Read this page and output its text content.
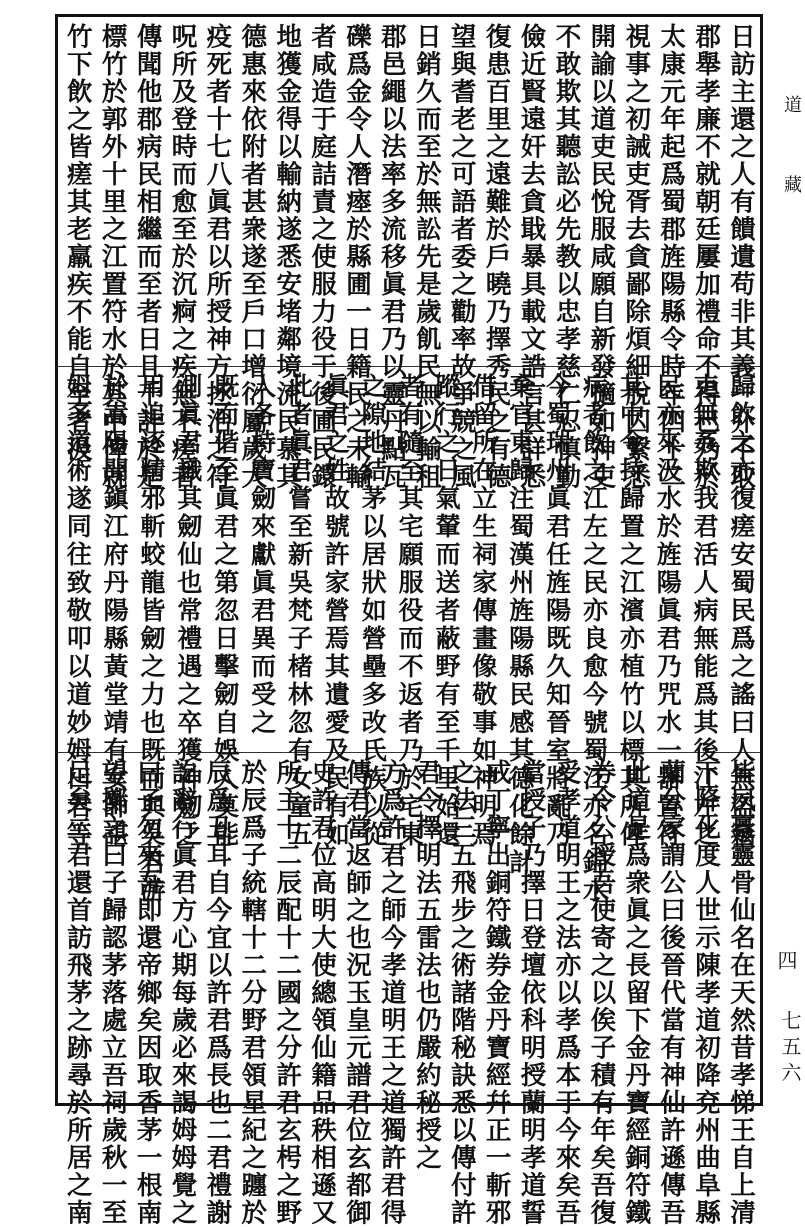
日訪主還之人有饋遺苟非其義一介不取
郡舉孝廉不就朝廷屢加禮命不得已乃於
太康元年起爲蜀郡旌陽縣令時年四十二
視事之初誡吏胥去貪鄙除煩細脫囚繫悉
開諭以道吏民悅服咸願自新發擿如神吏
不敢欺其聽訟必先教以忠孝慈仁忍慎勤
儉近賢遠奸去貪戢暴具載文誥言甚詳悉
復患百里之遠難於戶曉乃擇秀民之有德
望與耆老之可語者委之勸率故爭競之風
日銷久而至於無訟先是歲飢民無以輸租
郡邑繩以法率多流移眞君乃以靈丹點瓦
礫爲金令人潛瘞於縣圃一日籍民之未輸
者咸造于庭詰責之使服力役于後圃民鐶
地獲金得以輸納遂悉安堵鄰境流民慕其
德惠來依附者甚衆遂至戶口增衍屬歲大
疫死者十七八眞君以所授神方拯治之符
呪所及登時而愈至於沉痾之疾無不瘥者
傳聞他郡病民相繼而至者日且千計於是
標竹於郭外十里之江置符水於其中俾就
竹下飲之皆瘥其老羸疾不能自至者汲
歸飲之亦復瘥安蜀民爲之謠曰人無盜竊
吏無姦欺我君活人病無能爲其後江左之
民亦來汲水於旌陽眞君乃咒水一器置符
其中令持歸置之江濱亦植竹以標其所俾
病者飲之江左之民亦良愈今號蜀江亦名錦水
今蜀瑞州眞君任旌陽既久知晉室將亂乃
棄官東歸注蜀漢州旌陽縣民感其德化餘計
借留所在立生祠家傳畫像敬事如神明焉
蹤行之日氣輦而送者蔽野有至千里始還
者有隨至其宅願服役而不返者乃於宅東
之隙地結茅以居狀如營壘多改氏族以從
眞君之姓故號許家營焉其遺愛及民有如
此者眞君嘗至新吳梵子楮林忽有女童五
人各持寶劒來獻眞君異而受之
既而偕至眞君之第忽日擊劒自娛人莫能
測眞君識其劒仙也常禮遇之卒獲神劒之
用追逐精邪斬蛟龍皆劒之力也既而與吳君游
於嵩陽聞鎭江府丹陽縣黃堂靖有女師諶
姆多道術遂同往致敬叩以道妙姆曰君等
皆夙稟靈骨仙名在天然昔孝悌王自上清
下降化度人世示陳孝道初降兗州曲阜縣
蘭公家謂公曰後晉代當有神仙許遜傳吾
此道是爲衆眞之長留下金丹寶經銅符鐵
券令公授吾使寄之以俟子積有年矣吾復
受孝道明王之法亦以孝爲本于今來矣吾
當授子乃擇日登壇依科明授蘭明孝道誓
戒丁寧出銅符鐵券金丹寶經幷正一斬邪
之法三五飛步之術諸階秘訣悉以傳付許
君令擇明法五雷法也仍嚴約秘授之
方爲許君之師今孝道明王之道獨許君得
傳君當返師之也況玉皇元譜君位玄都御
史許君位高明大使總領仙籍品秩相遜又
所主十二辰配十二國之分許君玄枵之野
於辰爲子統轄十二分野君領星紀之躔於
辰爲丑耳自今宜以許君爲長也二君禮謝
訖辭行眞君方心期每歲必來謁姆姆覺之
曰子勿來吾即還帝鄉矣因取香茅一根南
望擲之曰子歸認茅落處立吾祠歲秋一至
足矣二君還首訪飛茅之跡尋於所居之南
道
藏
四
七五六
